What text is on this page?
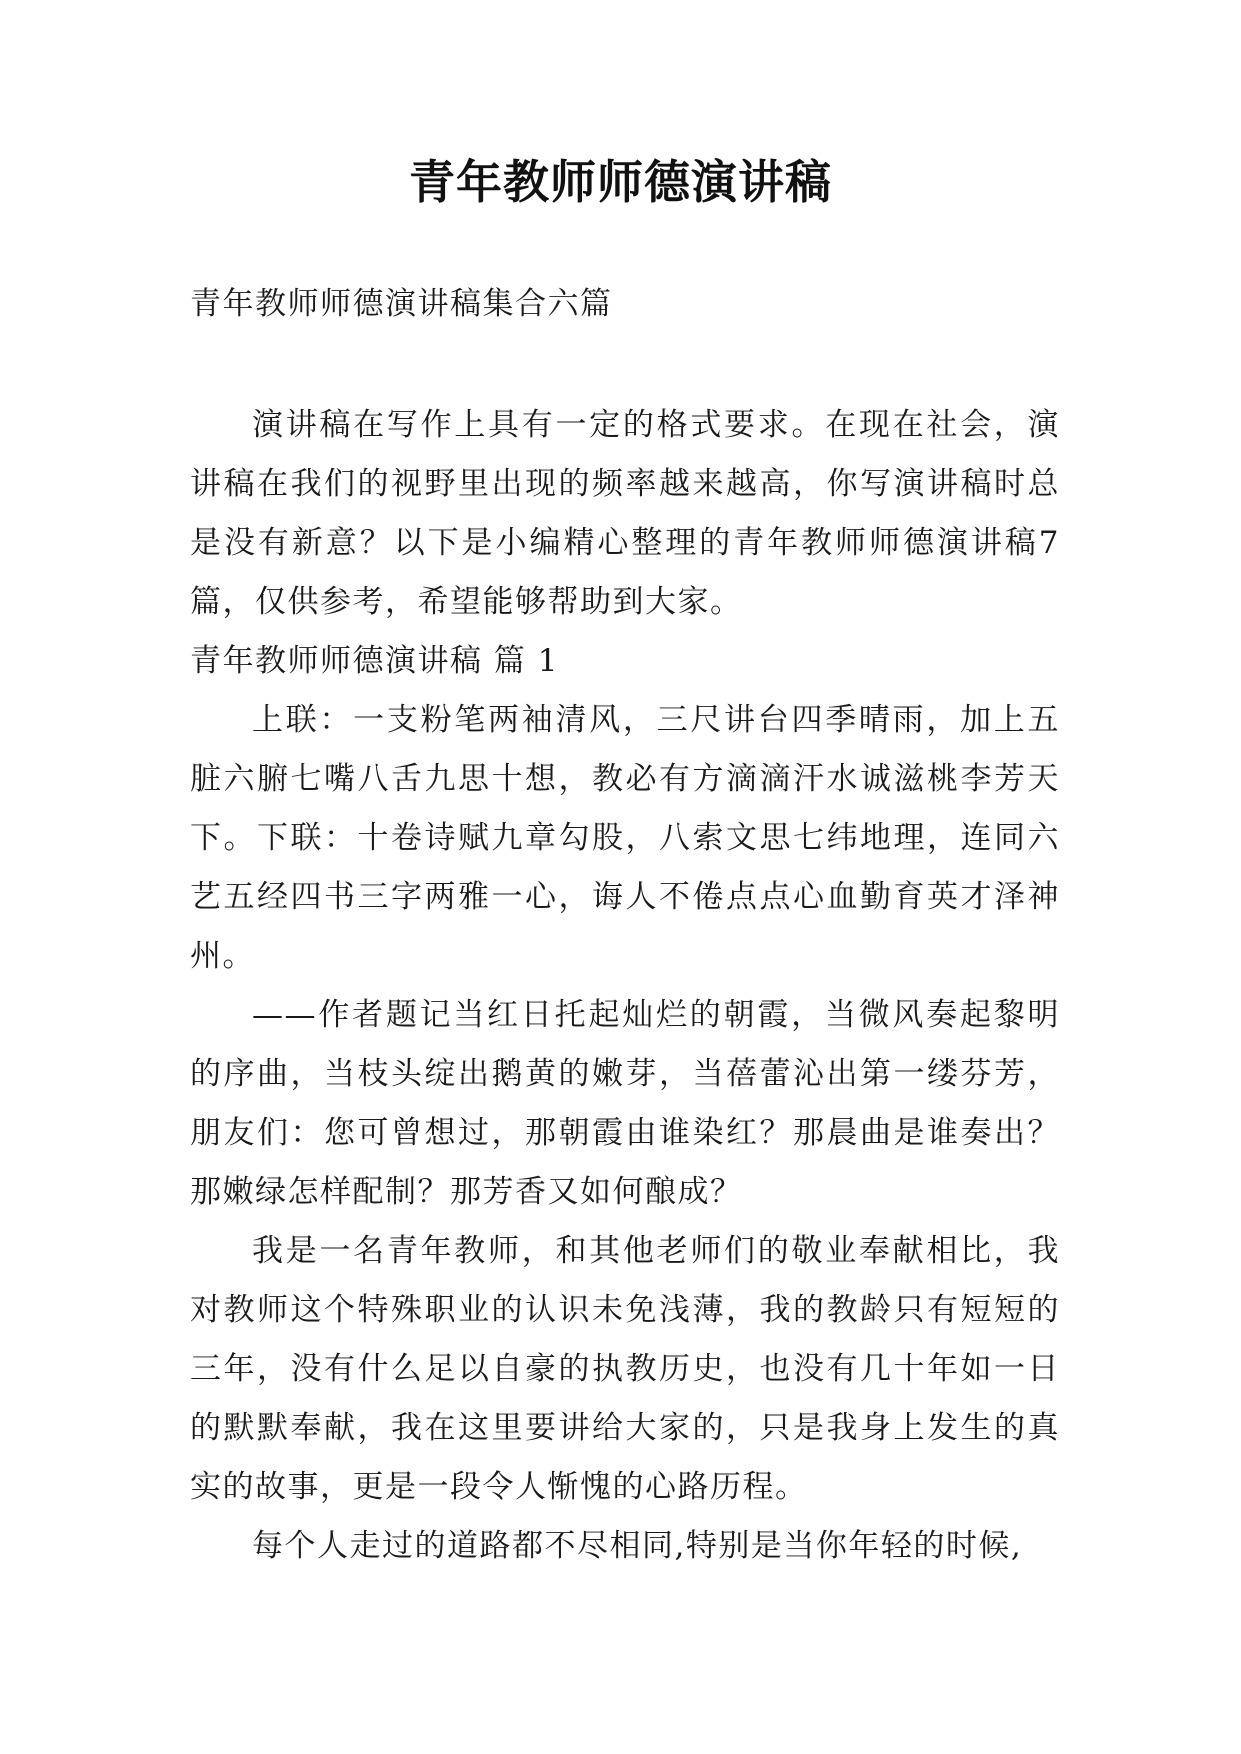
青年教师师德演讲稿

青年教师师德演讲稿集合六篇

演讲稿在写作上具有一定的格式要求。在现在社会，演讲稿在我们的视野里出现的频率越来越高，你写演讲稿时总是没有新意？以下是小编精心整理的青年教师师德演讲稿7篇，仅供参考，希望能够帮助到大家。

青年教师师德演讲稿 篇 1

上联：一支粉笔两袖清风，三尺讲台四季晴雨，加上五脏六腑七嘴八舌九思十想，教必有方滴滴汗水诚滋桃李芳天下。下联：十卷诗赋九章勾股，八索文思七纬地理，连同六艺五经四书三字两雅一心，诲人不倦点点心血勤育英才泽神州。

——作者题记当红日托起灿烂的朝霞，当微风奏起黎明的序曲，当枝头绽出鹅黄的嫩芽，当蓓蕾沁出第一缕芬芳，朋友们：您可曾想过，那朝霞由谁染红？那晨曲是谁奏出？那嫩绿怎样配制？那芳香又如何酿成？

我是一名青年教师，和其他老师们的敬业奉献相比，我对教师这个特殊职业的认识未免浅薄，我的教龄只有短短的三年，没有什么足以自豪的执教历史，也没有几十年如一日的默默奉献，我在这里要讲给大家的，只是我身上发生的真实的故事，更是一段令人惭愧的心路历程。

每个人走过的道路都不尽相同,特别是当你年轻的时候,
